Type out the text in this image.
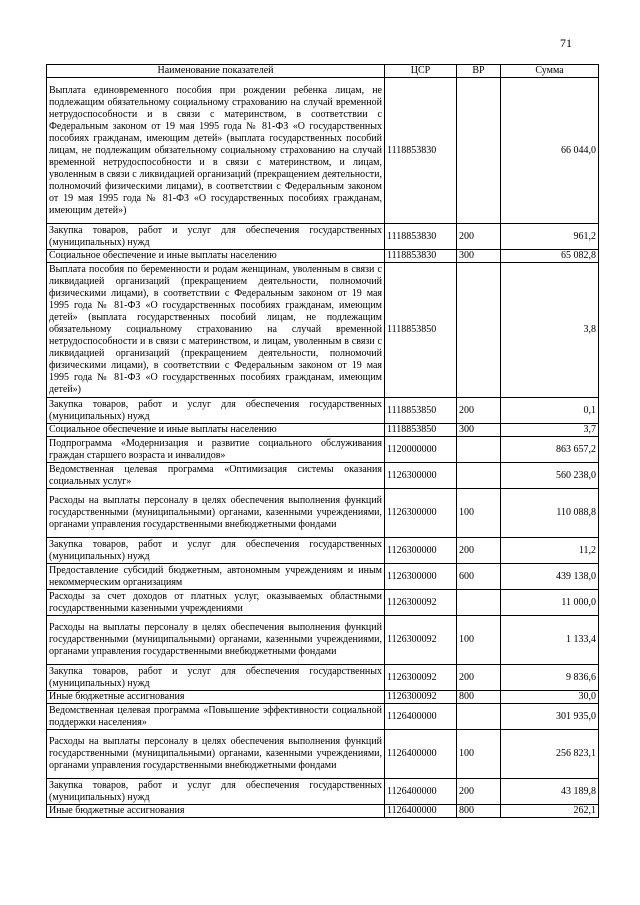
71
Наименование показателей	ЦСР	ВР	Сумма
Выплата единовременного пособия при рождении ребенка лицам, не подлежащим обязательному социальному страхованию на случай временной нетрудоспособности и в связи с материнством, в соответствии с Федеральным законом от 19 мая 1995 года № 81-ФЗ «О государственных пособиях гражданам, имеющим детей» (выплата государственных пособий лицам, не подлежащим обязательному социальному страхованию на случай временной нетрудоспособности и в связи с материнством, и лицам, уволенным в связи с ликвидацией организаций (прекращением деятельности, полномочий физическими лицами), в соответствии с Федеральным законом от 19 мая 1995 года № 81-ФЗ «О государственных пособиях гражданам, имеющим детей»)	1118853830		66 044,0
Закупка товаров, работ и услуг для обеспечения государственных (муниципальных) нужд	1118853830	200	961,2
Социальное обеспечение и иные выплаты населению	1118853830	300	65 082,8
Выплата пособия по беременности и родам женщинам, уволенным в связи с ликвидацией организаций (прекращением деятельности, полномочий физическими лицами), в соответствии с Федеральным законом от 19 мая 1995 года № 81-ФЗ «О государственных пособиях гражданам, имеющим детей» (выплата государственных пособий лицам, не подлежащим обязательному социальному страхованию на случай временной нетрудоспособности и в связи с материнством, и лицам, уволенным в связи с ликвидацией организаций (прекращением деятельности, полномочий физическими лицами), в соответствии с Федеральным законом от 19 мая 1995 года № 81-ФЗ «О государственных пособиях гражданам, имеющим детей»)	1118853850		3,8
Закупка товаров, работ и услуг для обеспечения государственных (муниципальных) нужд	1118853850	200	0,1
Социальное обеспечение и иные выплаты населению	1118853850	300	3,7
Подпрограмма «Модернизация и развитие социального обслуживания граждан старшего возраста и инвалидов»	1120000000		863 657,2
Ведомственная целевая программа «Оптимизация системы оказания социальных услуг»	1126300000		560 238,0
Расходы на выплаты персоналу в целях обеспечения выполнения функций государственными (муниципальными) органами, казенными учреждениями, органами управления государственными внебюджетными фондами	1126300000	100	110 088,8
Закупка товаров, работ и услуг для обеспечения государственных (муниципальных) нужд	1126300000	200	11,2
Предоставление субсидий бюджетным, автономным учреждениям и иным некоммерческим организациям	1126300000	600	439 138,0
Расходы за счет доходов от платных услуг, оказываемых областными государственными казенными учреждениями	1126300092		11 000,0
Расходы на выплаты персоналу в целях обеспечения выполнения функций государственными (муниципальными) органами, казенными учреждениями, органами управления государственными внебюджетными фондами	1126300092	100	1 133,4
Закупка товаров, работ и услуг для обеспечения государственных (муниципальных) нужд	1126300092	200	9 836,6
Иные бюджетные ассигнования	1126300092	800	30,0
Ведомственная целевая программа «Повышение эффективности социальной поддержки населения»	1126400000		301 935,0
Расходы на выплаты персоналу в целях обеспечения выполнения функций государственными (муниципальными) органами, казенными учреждениями, органами управления государственными внебюджетными фондами	1126400000	100	256 823,1
Закупка товаров, работ и услуг для обеспечения государственных (муниципальных) нужд	1126400000	200	43 189,8
Иные бюджетные ассигнования	1126400000	800	262,1
